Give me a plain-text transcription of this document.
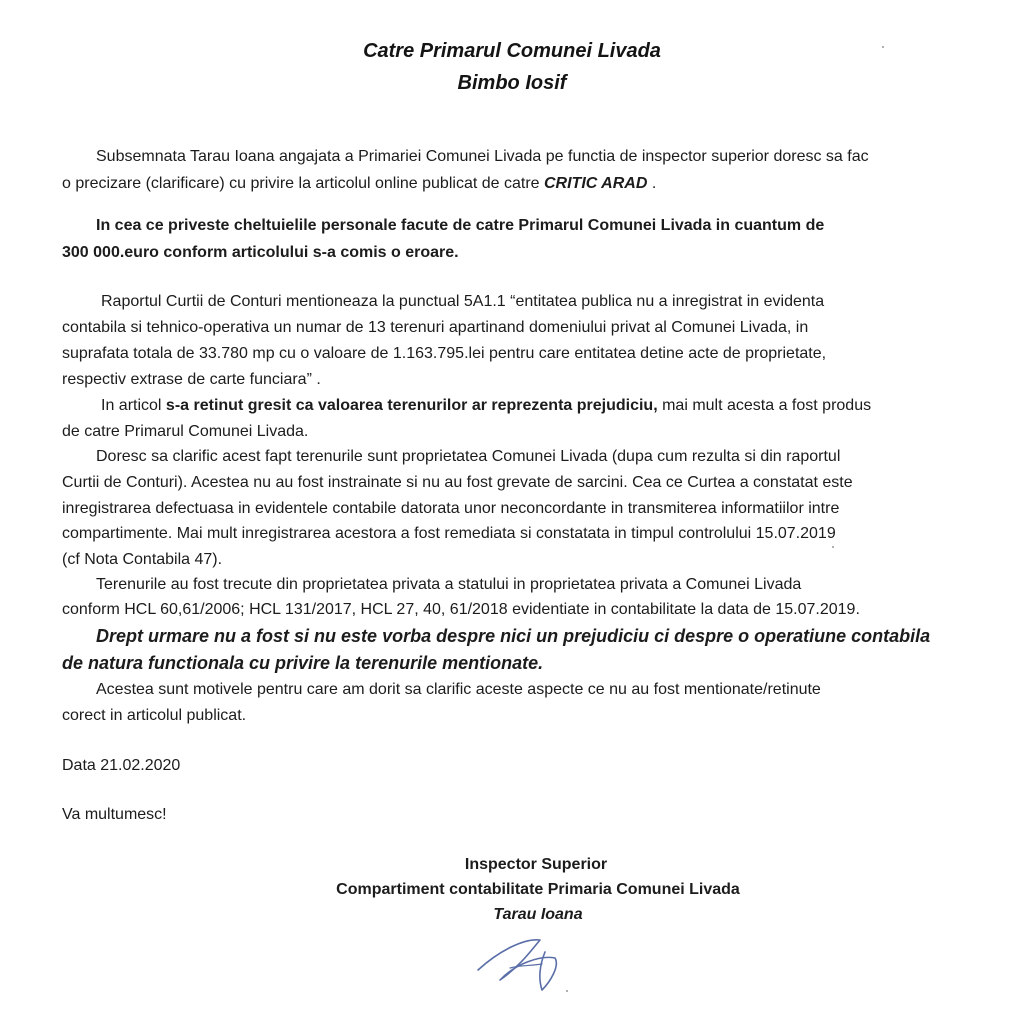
Catre Primarul Comunei Livada
Bimbo Iosif
Subsemnata Tarau Ioana angajata a Primariei Comunei Livada pe functia de inspector superior doresc sa fac
o precizare (clarificare) cu privire la articolul online publicat de catre CRITIC ARAD .
In cea ce priveste cheltuielile personale facute de catre Primarul Comunei Livada in cuantum de
300 000.euro conform articolului s-a comis o eroare.
Raportul Curtii de Conturi mentioneaza la punctual 5A1.1 “entitatea publica nu a inregistrat in evidenta
contabila si tehnico-operativa un numar de 13 terenuri apartinand domeniului privat al Comunei Livada, in
suprafata totala de 33.780 mp cu o valoare de 1.163.795.lei pentru care entitatea detine acte de proprietate,
respectiv extrase de carte funciara” .
In articol s-a retinut gresit ca valoarea terenurilor ar reprezenta prejudiciu, mai mult acesta a fost produs
de catre Primarul Comunei Livada.
Doresc sa clarific acest fapt terenurile sunt proprietatea Comunei Livada (dupa cum rezulta si din raportul
Curtii de Conturi). Acestea nu au fost instrainate si nu au fost grevate de sarcini. Cea ce Curtea a constatat este
inregistrarea defectuasa in evidentele contabile datorata unor neconcordante in transmiterea informatiilor intre
compartimente. Mai mult inregistrarea acestora a fost remediata si constatata in timpul controlului 15.07.2019
(cf Nota Contabila 47).
Terenurile au fost trecute din proprietatea privata a statului in proprietatea privata a Comunei Livada
conform HCL 60,61/2006; HCL 131/2017, HCL 27, 40, 61/2018 evidentiate in contabilitate la data de 15.07.2019.
Drept urmare nu a fost si nu este vorba despre nici un prejudiciu ci despre o operatiune contabila
de natura functionala cu privire la terenurile mentionate.
Acestea sunt motivele pentru care am dorit sa clarific aceste aspecte ce nu au fost mentionate/retinute
corect in articolul publicat.
Data 21.02.2020
Va multumesc!
Inspector Superior
Compartiment contabilitate Primaria Comunei Livada
Tarau Ioana
